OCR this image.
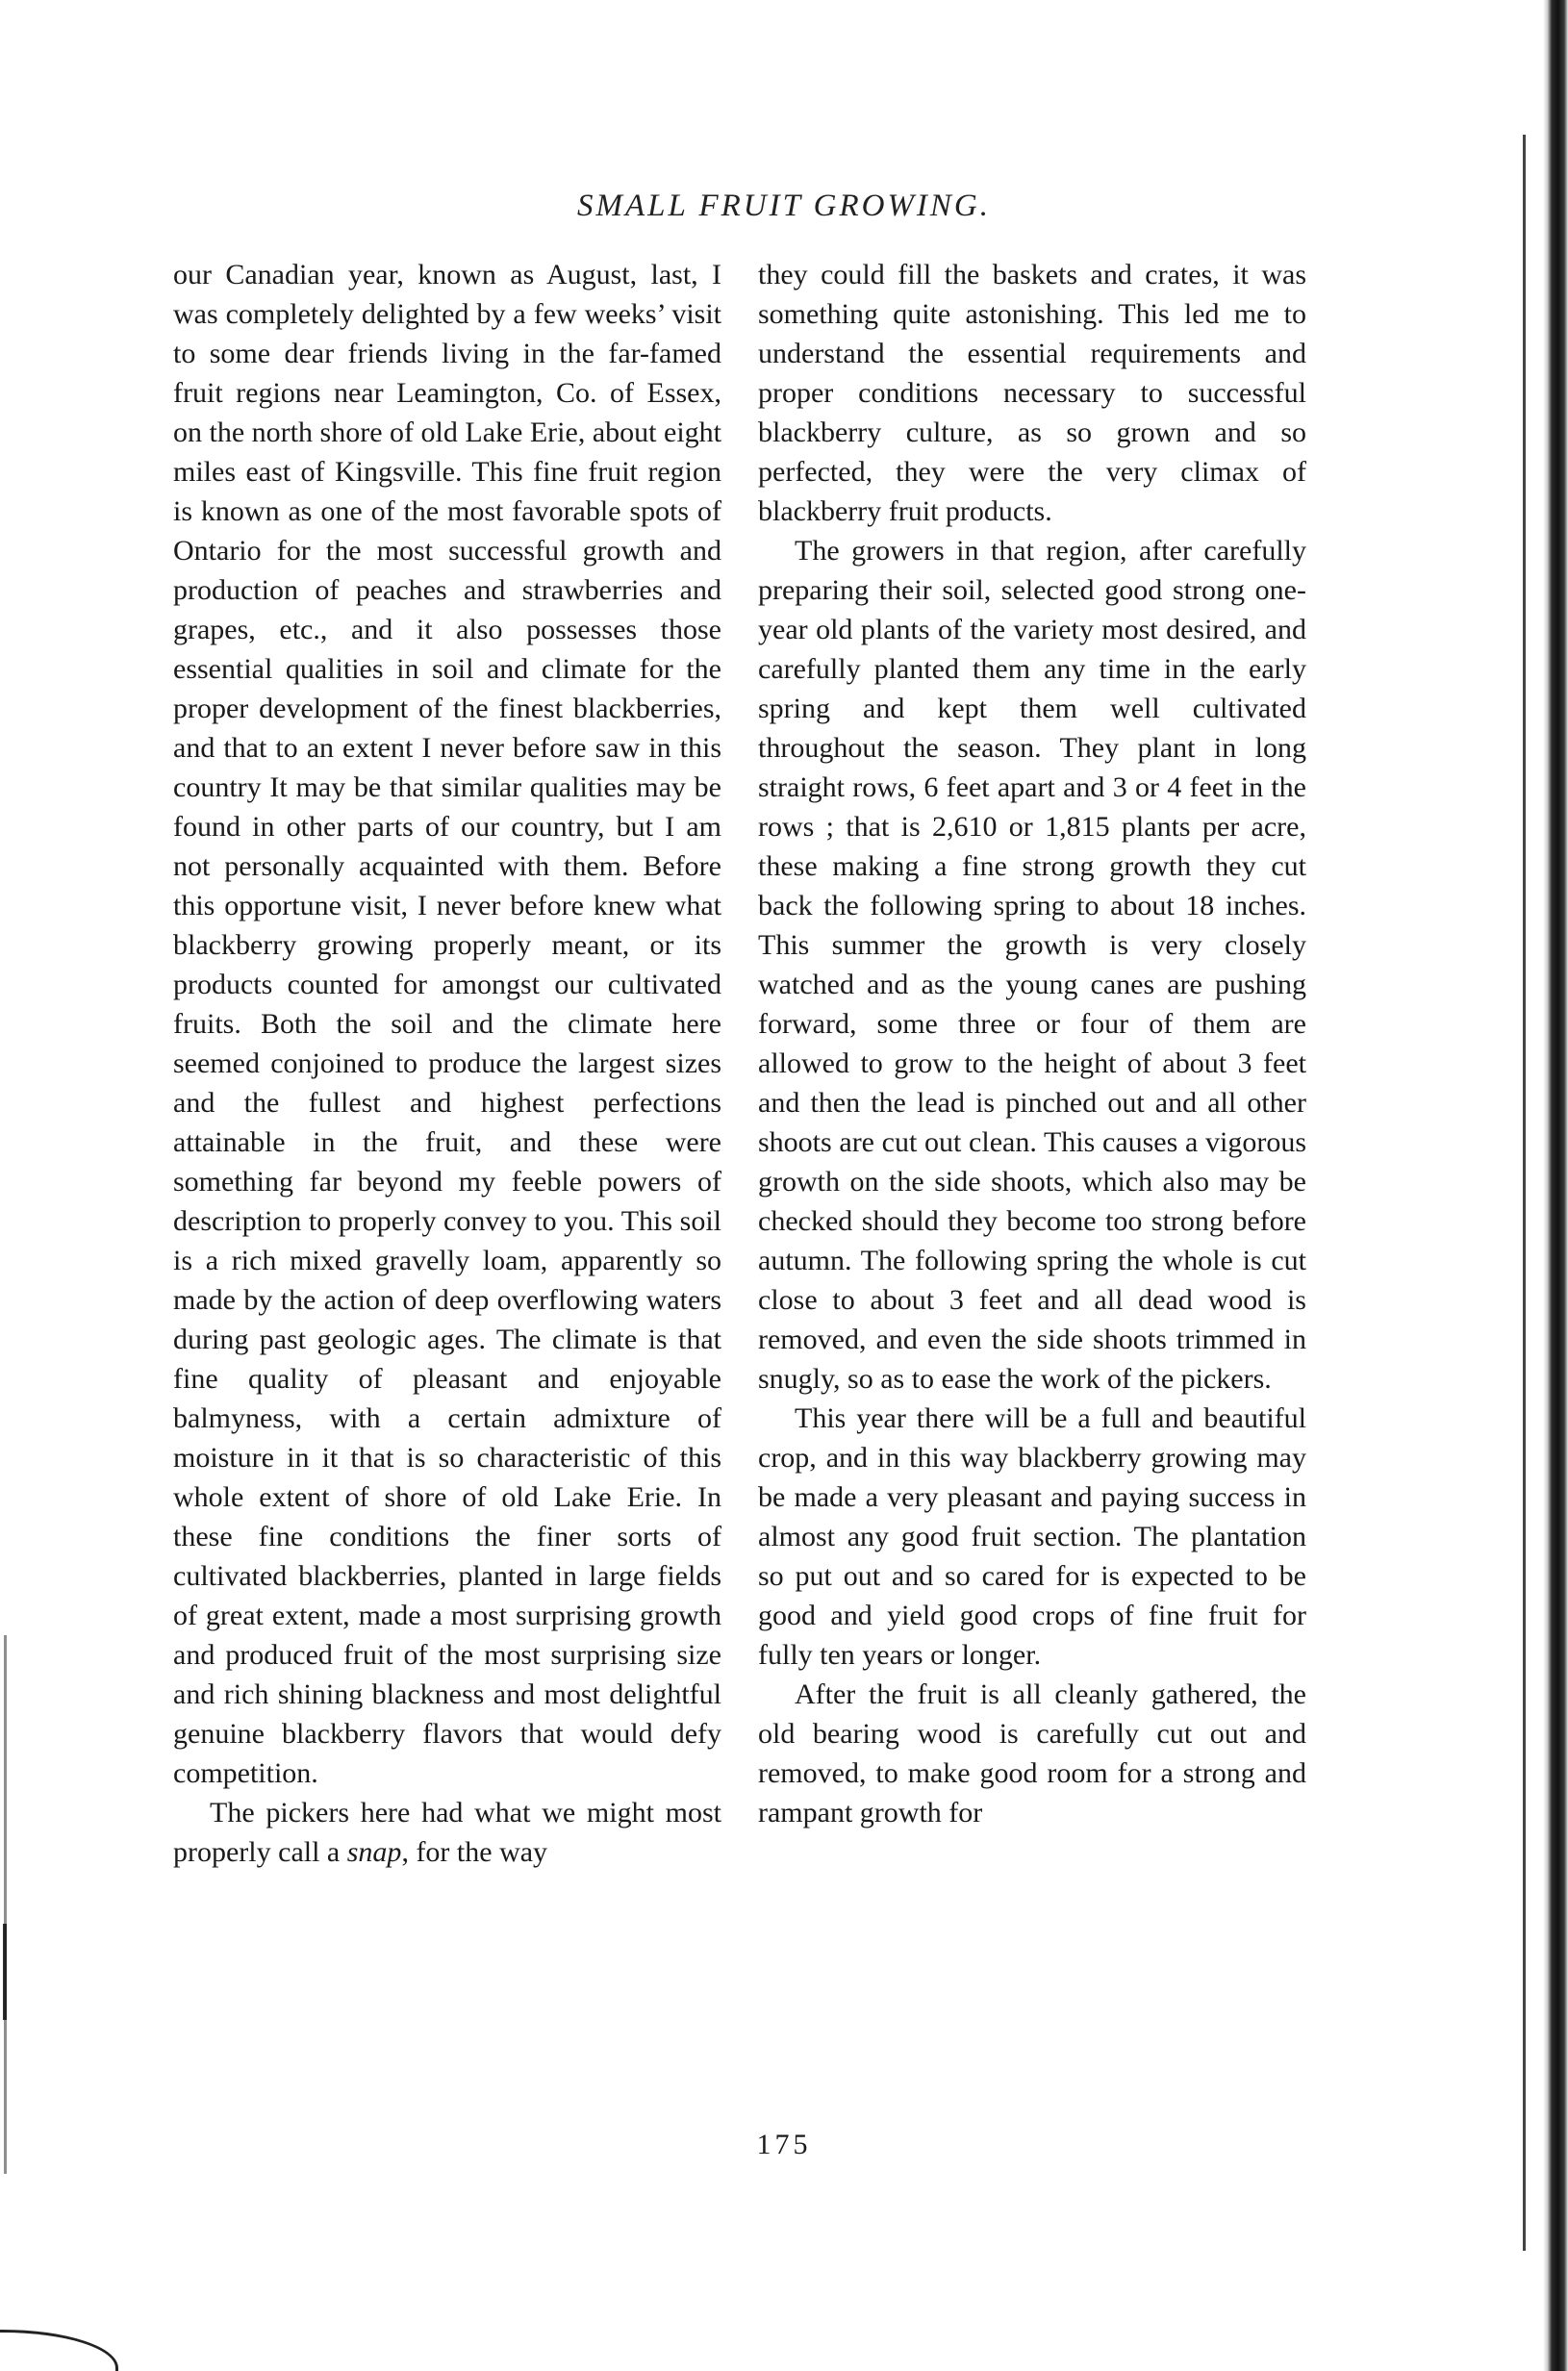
SMALL FRUIT GROWING.

our Canadian year, known as August, last, I was completely delighted by a few weeks’ visit to some dear friends living in the far-famed fruit regions near Leamington, Co. of Essex, on the north shore of old Lake Erie, about eight miles east of Kingsville. This fine fruit region is known as one of the most favorable spots of Ontario for the most successful growth and production of peaches and strawberries and grapes, etc., and it also possesses those essential qualities in soil and climate for the proper development of the finest blackberries, and that to an extent I never before saw in this country It may be that similar qualities may be found in other parts of our country, but I am not personally acquainted with them. Before this opportune visit, I never before knew what blackberry growing properly meant, or its products counted for amongst our cultivated fruits. Both the soil and the climate here seemed conjoined to produce the largest sizes and the fullest and highest perfections attainable in the fruit, and these were something far beyond my feeble powers of description to properly convey to you. This soil is a rich mixed gravelly loam, apparently so made by the action of deep overflowing waters during past geologic ages. The climate is that fine quality of pleasant and enjoyable balmyness, with a certain admixture of moisture in it that is so characteristic of this whole extent of shore of old Lake Erie. In these fine conditions the finer sorts of cultivated blackberries, planted in large fields of great extent, made a most surprising growth and produced fruit of the most surprising size and rich shining blackness and most delightful genuine blackberry flavors that would defy competition.

The pickers here had what we might most properly call a snap, for the way

they could fill the baskets and crates, it was something quite astonishing. This led me to understand the essential requirements and proper conditions necessary to successful blackberry culture, as so grown and so perfected, they were the very climax of blackberry fruit products.

The growers in that region, after carefully preparing their soil, selected good strong one-year old plants of the variety most desired, and carefully planted them any time in the early spring and kept them well cultivated throughout the season. They plant in long straight rows, 6 feet apart and 3 or 4 feet in the rows ; that is 2,610 or 1,815 plants per acre, these making a fine strong growth they cut back the following spring to about 18 inches. This summer the growth is very closely watched and as the young canes are pushing forward, some three or four of them are allowed to grow to the height of about 3 feet and then the lead is pinched out and all other shoots are cut out clean. This causes a vigorous growth on the side shoots, which also may be checked should they become too strong before autumn. The following spring the whole is cut close to about 3 feet and all dead wood is removed, and even the side shoots trimmed in snugly, so as to ease the work of the pickers.

This year there will be a full and beautiful crop, and in this way blackberry growing may be made a very pleasant and paying success in almost any good fruit section. The plantation so put out and so cared for is expected to be good and yield good crops of fine fruit for fully ten years or longer.

After the fruit is all cleanly gathered, the old bearing wood is carefully cut out and removed, to make good room for a strong and rampant growth for

175
